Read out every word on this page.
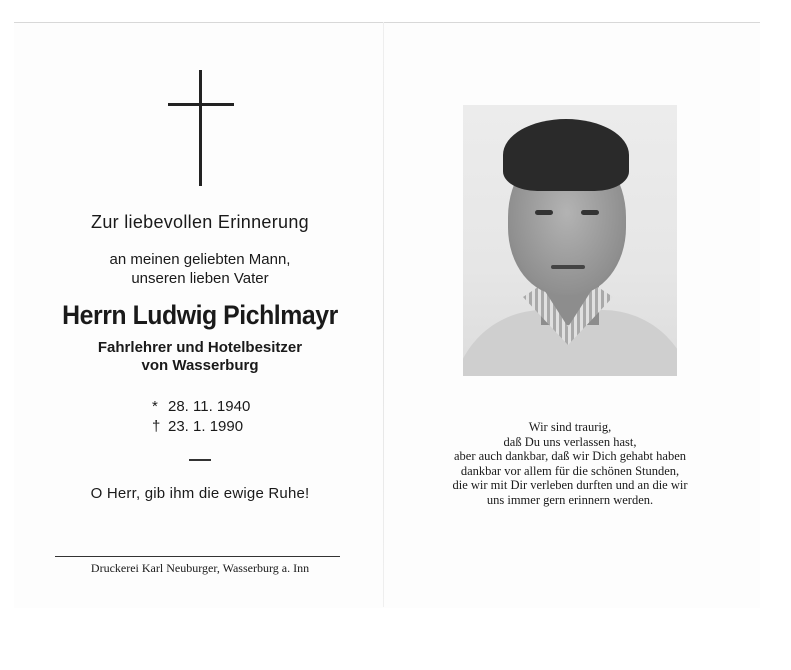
Zur liebevollen Erinnerung
an meinen geliebten Mann,
unseren lieben Vater
Herrn Ludwig Pichlmayr
Fahrlehrer und Hotelbesitzer
von Wasserburg
* 28. 11. 1940
† 23. 1. 1990
O Herr, gib ihm die ewige Ruhe!
Druckerei Karl Neuburger, Wasserburg a. Inn
Wir sind traurig,
daß Du uns verlassen hast,
aber auch dankbar, daß wir Dich gehabt haben
dankbar vor allem für die schönen Stunden,
die wir mit Dir verleben durften und an die wir
uns immer gern erinnern werden.
